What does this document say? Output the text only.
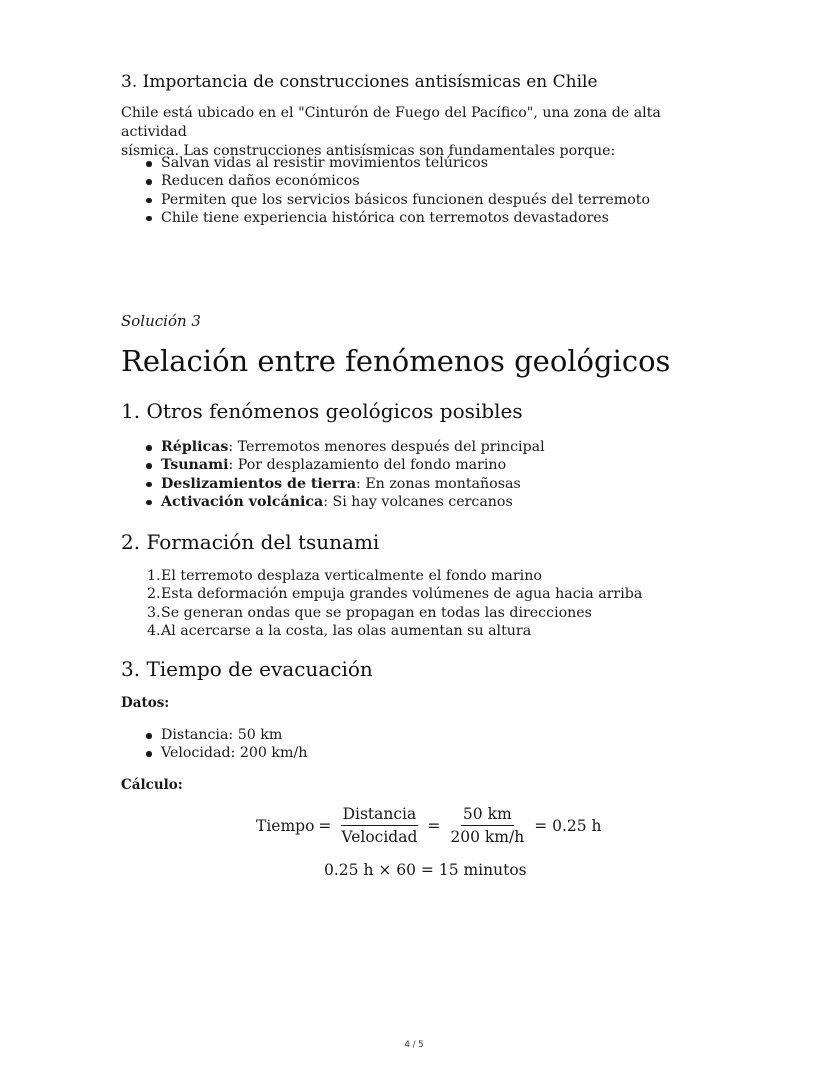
3. Importancia de construcciones antisísmicas en Chile

Chile está ubicado en el "Cinturón de Fuego del Pacífico", una zona de alta actividad
sísmica. Las construcciones antisísmicas son fundamentales porque:

Salvan vidas al resistir movimientos telúricos
Reducen daños económicos
Permiten que los servicios básicos funcionen después del terremoto
Chile tiene experiencia histórica con terremotos devastadores
Solución 3
Relación entre fenómenos geológicos
1. Otros fenómenos geológicos posibles
Réplicas: Terremotos menores después del principal
Tsunami: Por desplazamiento del fondo marino
Deslizamientos de tierra: En zonas montañosas
Activación volcánica: Si hay volcanes cercanos
2. Formación del tsunami
1. El terremoto desplaza verticalmente el fondo marino
2. Esta deformación empuja grandes volúmenes de agua hacia arriba
3. Se generan ondas que se propagan en todas las direcciones
4. Al acercarse a la costa, las olas aumentan su altura
3. Tiempo de evacuación
Datos:
Distancia: 50 km
Velocidad: 200 km/h
Cálculo:
Tiempo = $\frac{\text{Distancia}}{\text{Velocidad}} = \frac{50 km}{200 km/h} = 0.25$ h
0.25 h × 60 = 15 minutos
4 / 5
